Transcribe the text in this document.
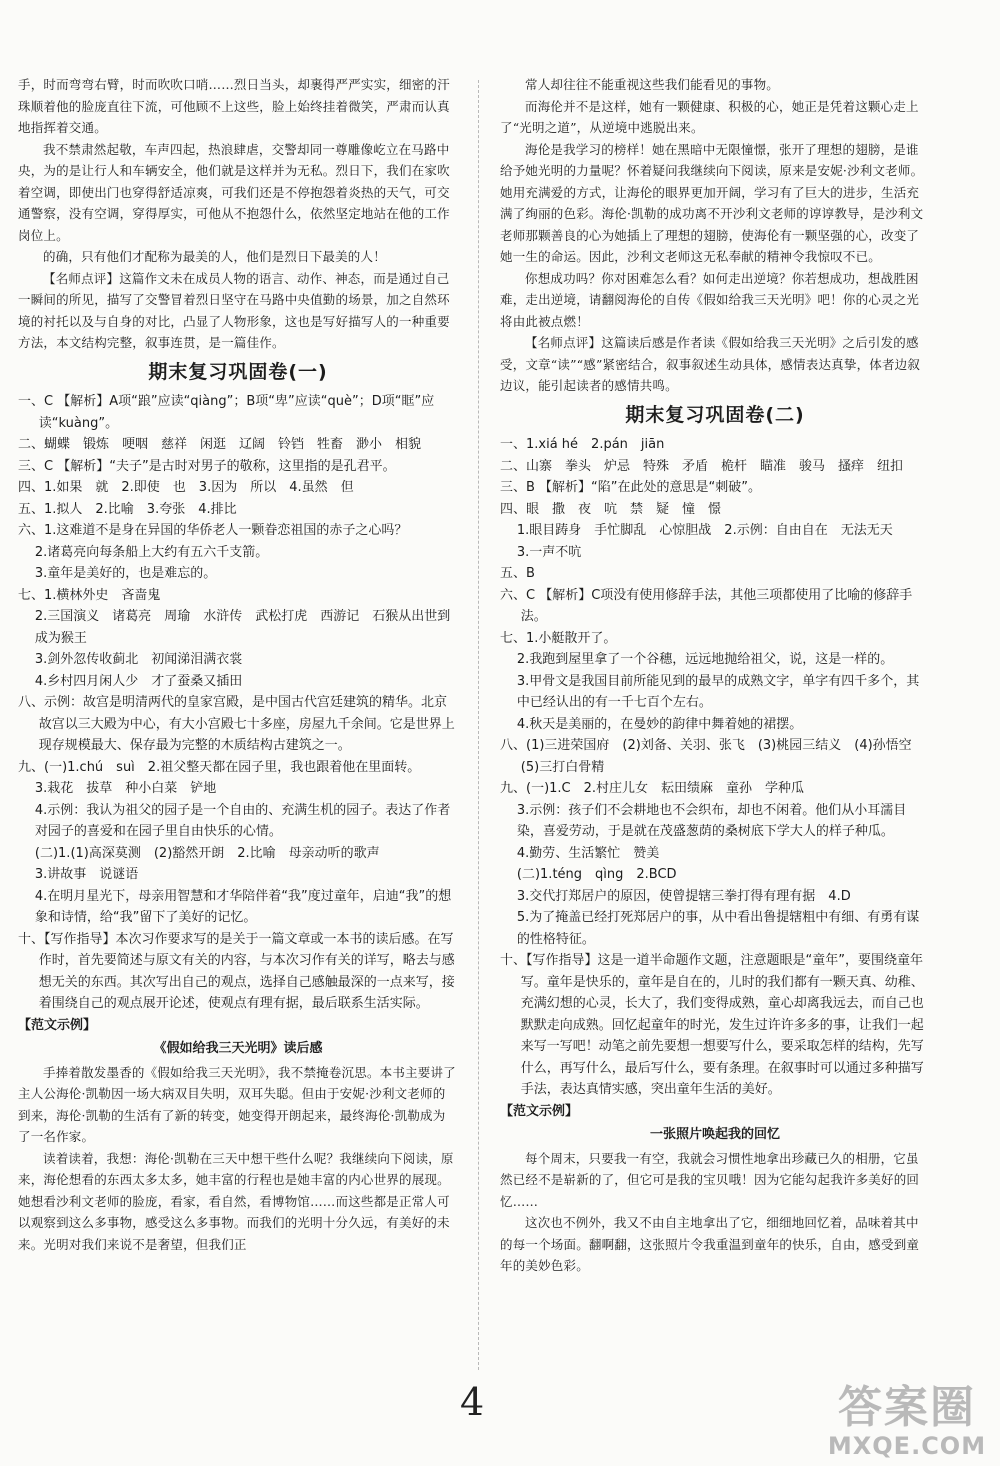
手，时而弯弯右臂，时而吹吹口哨……烈日当头，却裹得严严实实，细密的汗珠顺着他的脸庞直往下流，可他顾不上这些，脸上始终挂着微笑，严肃而认真地指挥着交通。

我不禁肃然起敬，车声四起，热浪肆虐，交警却同一尊雕像屹立在马路中央，为的是让行人和车辆安全，他们就是这样并为无私。烈日下，我们在家吹着空调，即使出门也穿得舒适凉爽，可我们还是不停抱怨着炎热的天气，可交通警察，没有空调，穿得厚实，可他从不抱怨什么，依然坚定地站在他的工作岗位上。

的确，只有他们才配称为最美的人，他们是烈日下最美的人！

【名师点评】这篇作文未在成员人物的语言、动作、神态，而是通过自己一瞬间的所见，描写了交警冒着烈日坚守在马路中央值勤的场景，加之自然环境的衬托以及与自身的对比，凸显了人物形象，这也是写好描写人的一种重要方法，本文结构完整，叙事连贯，是一篇佳作。

期末复习巩固卷(一)

一、C 【解析】A项“踉”应读“qiàng”；B项“卑”应读“què”；D项“眶”应读“kuàng”。

二、蝴蝶　锻炼　哽咽　慈祥　闲逛　辽阔　铃铛　牲畜　渺小　相貌

三、C 【解析】“夫子”是古时对男子的敬称，这里指的是孔君平。

四、1.如果　就　2.即使　也　3.因为　所以　4.虽然　但

五、1.拟人　2.比喻　3.夸张　4.排比

六、1.这难道不是身在异国的华侨老人一颗眷恋祖国的赤子之心吗？

2.诸葛亮向每条船上大约有五六千支箭。

3.童年是美好的，也是难忘的。

七、1.横林外史　吝啬鬼

2.三国演义　诸葛亮　周瑜　水浒传　武松打虎　西游记　石猴从出世到成为猴王

3.剑外忽传收蓟北　初闻涕泪满衣裳

4.乡村四月闲人少　才了蚕桑又插田

八、示例：故宫是明清两代的皇家宫殿，是中国古代宫廷建筑的精华。北京故宫以三大殿为中心，有大小宫殿七十多座，房屋九千余间。它是世界上现存规模最大、保存最为完整的木质结构古建筑之一。

九、(一)1.chú　suì　2.祖父整天都在园子里，我也跟着他在里面转。

3.栽花　拔草　种小白菜　铲地

4.示例：我认为祖父的园子是一个自由的、充满生机的园子。表达了作者对园子的喜爱和在园子里自由快乐的心情。

(二)1.(1)高深莫测　(2)豁然开朗　2.比喻　母亲动听的歌声

3.讲故事　说谜语

4.在明月星光下，母亲用智慧和才华陪伴着“我”度过童年，启迪“我”的想象和诗情，给“我”留下了美好的记忆。

十、【写作指导】本次习作要求写的是关于一篇文章或一本书的读后感。在写作时，首先要简述与原文有关的内容，与本次习作有关的详写，略去与感想无关的东西。其次写出自己的观点，选择自己感触最深的一点来写，接着围绕自己的观点展开论述，使观点有理有据，最后联系生活实际。

【范文示例】

《假如给我三天光明》读后感

手捧着散发墨香的《假如给我三天光明》，我不禁掩卷沉思。本书主要讲了主人公海伦·凯勒因一场大病双目失明，双耳失聪。但由于安妮·沙利文老师的到来，海伦·凯勒的生活有了新的转变，她变得开朗起来，最终海伦·凯勒成为了一名作家。

读着读着，我想：海伦·凯勒在三天中想干些什么呢？我继续向下阅读，原来，海伦想看的东西太多太多，她丰富的行程也是她丰富的内心世界的展现。她想看沙利文老师的脸庞，看家，看自然，看博物馆……而这些都是正常人可以观察到这么多事物，感受这么多事物。而我们的光明十分久远，有美好的未来。光明对我们来说不是奢望，但我们正

常人却往往不能重视这些我们能看见的事物。

而海伦并不是这样，她有一颗健康、积极的心，她正是凭着这颗心走上了“光明之道”，从逆境中逃脱出来。

海伦是我学习的榜样！她在黑暗中无限憧憬，张开了理想的翅膀，是谁给予她光明的力量呢？怀着疑问我继续向下阅读，原来是安妮·沙利文老师。她用充满爱的方式，让海伦的眼界更加开阔，学习有了巨大的进步，生活充满了绚丽的色彩。海伦·凯勒的成功离不开沙利文老师的谆谆教导，是沙利文老师那颗善良的心为她插上了理想的翅膀，使海伦有一颗坚强的心，改变了她一生的命运。因此，沙利文老师这无私奉献的精神令我惊叹不已。

你想成功吗？你对困难怎么看？如何走出逆境？你若想成功，想战胜困难，走出逆境，请翻阅海伦的自传《假如给我三天光明》吧！你的心灵之光将由此被点燃！

【名师点评】这篇读后感是作者读《假如给我三天光明》之后引发的感受，文章“读”“感”紧密结合，叙事叙述生动具体，感情表达真挚，体者边叙边议，能引起读者的感情共鸣。

期末复习巩固卷(二)

一、1.xiá hé　2.pán　jiān

二、山寨　拳头　炉忌　特殊　矛盾　桅杆　瞄准　骏马　搔痒　纽扣

三、B 【解析】“陷”在此处的意思是“刺破”。

四、眼　撒　夜　吭　禁　疑　憧　憬

1.眼目踌身　手忙脚乱　心惊胆战　2.示例：自由自在　无法无天

3.一声不吭

五、B

六、C 【解析】C项没有使用修辞手法，其他三项都使用了比喻的修辞手法。

七、1.小艇散开了。

2.我跑到屋里拿了一个谷穗，远远地抛给祖父，说，这是一样的。

3.甲骨文是我国目前所能见到的最早的成熟文字，单字有四千多个，其中已经认出的有一千七百个左右。

4.秋天是美丽的，在曼妙的韵律中舞着她的裙摆。

八、(1)三进荣国府　(2)刘备、关羽、张飞　(3)桃园三结义　(4)孙悟空　(5)三打白骨精

九、(一)1.C　2.村庄儿女　耘田绩麻　童孙　学种瓜

3.示例：孩子们不会耕地也不会织布，却也不闲着。他们从小耳濡目染，喜爱劳动，于是就在茂盛葱荫的桑树底下学大人的样子种瓜。

4.勤劳、生活繁忙　赞美

(二)1.téng　qìng　2.BCD

3.交代打郑居户的原因，使曾提辖三拳打得有理有据　4.D

5.为了掩盖已经打死郑居户的事，从中看出鲁提辖粗中有细、有勇有谋的性格特征。

十、【写作指导】这是一道半命题作文题，注意题眼是“童年”，要围绕童年写。童年是快乐的，童年是自在的，儿时的我们都有一颗天真、幼稚、充满幻想的心灵，长大了，我们变得成熟，童心却离我远去，而自己也默默走向成熟。回忆起童年的时光，发生过许许多多的事，让我们一起来写一写吧！动笔之前先要想一想要写什么，要采取怎样的结构，先写什么，再写什么，最后写什么，要有条理。在叙事时可以通过多种描写手法，表达真情实感，突出童年生活的美好。

【范文示例】

一张照片唤起我的回忆

每个周末，只要我一有空，我就会习惯性地拿出珍藏已久的相册，它虽然已经不是崭新的了，但它可是我的宝贝哦！因为它能勾起我许多美好的回忆……

这次也不例外，我又不由自主地拿出了它，细细地回忆着，品味着其中的每一个场面。翻啊翻，这张照片令我重温到童年的快乐，自由，感受到童年的美妙色彩。

4	答案圈
MXQE.COM
